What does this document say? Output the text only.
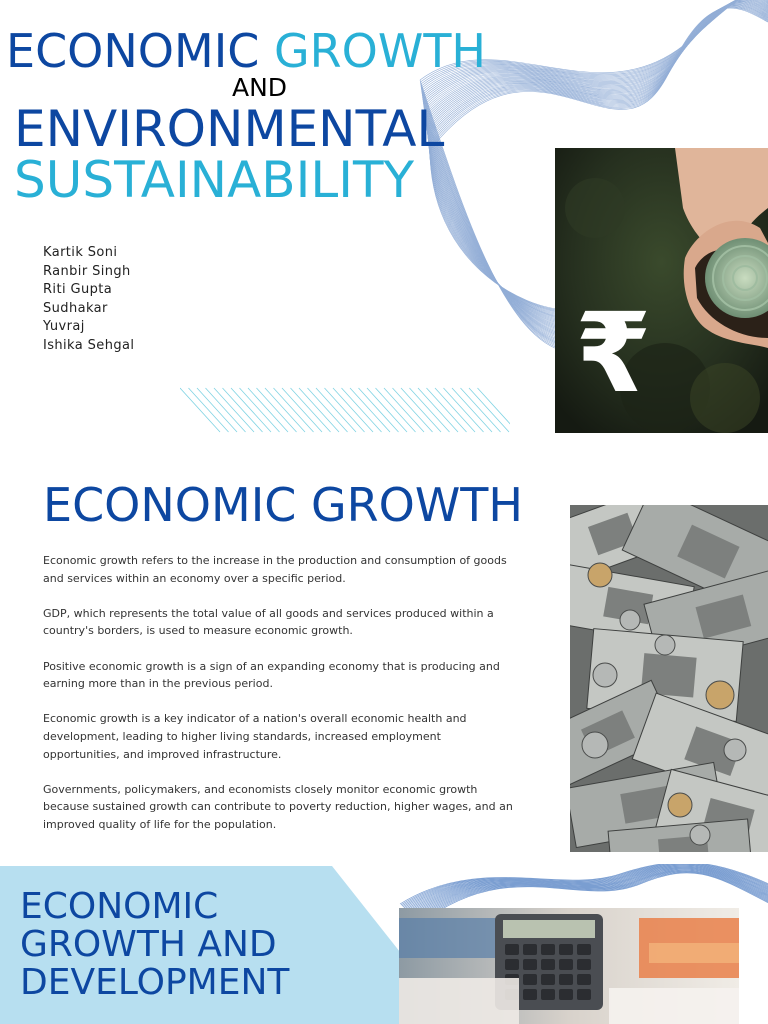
ECONOMIC GROWTH
AND
ENVIRONMENTAL
SUSTAINABILITY
Kartik Soni
Ranbir Singh
Riti Gupta
Sudhakar
Yuvraj
Ishika Sehgal	₹
ECONOMIC GROWTH

Economic growth refers to the increase in the production and consumption of goods and services within an economy over a specific period.

GDP, which represents the total value of all goods and services produced within a country's borders, is used to measure economic growth.

Positive economic growth is a sign of an expanding economy that is producing and earning more than in the previous period.

Economic growth is a key indicator of a nation's overall economic health and development, leading to higher living standards, increased employment opportunities, and improved infrastructure.

Governments, policymakers, and economists closely monitor economic growth because sustained growth can contribute to poverty reduction, higher wages, and an improved quality of life for the population.

ECONOMIC
GROWTH AND
DEVELOPMENT
